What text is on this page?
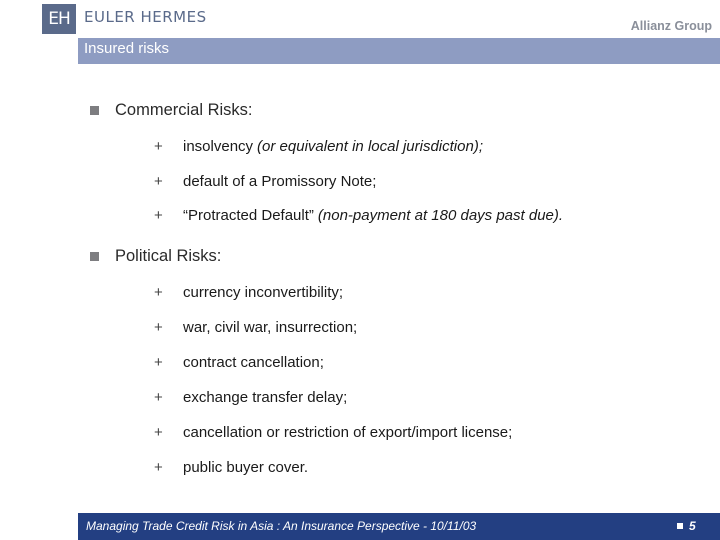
EH EULER HERMES	Allianz Group
Insured risks
Commercial Risks:
+	insolvency (or equivalent in local jurisdiction);
+	default of a Promissory Note;
+	“Protracted Default” (non-payment at 180 days past due).
Political Risks:
+	currency inconvertibility;
+	war, civil war, insurrection;
+	contract cancellation;
+	exchange transfer delay;
+	cancellation or restriction of export/import license;
+	public buyer cover.
Managing Trade Credit Risk in Asia : An Insurance Perspective - 10/11/03	5
